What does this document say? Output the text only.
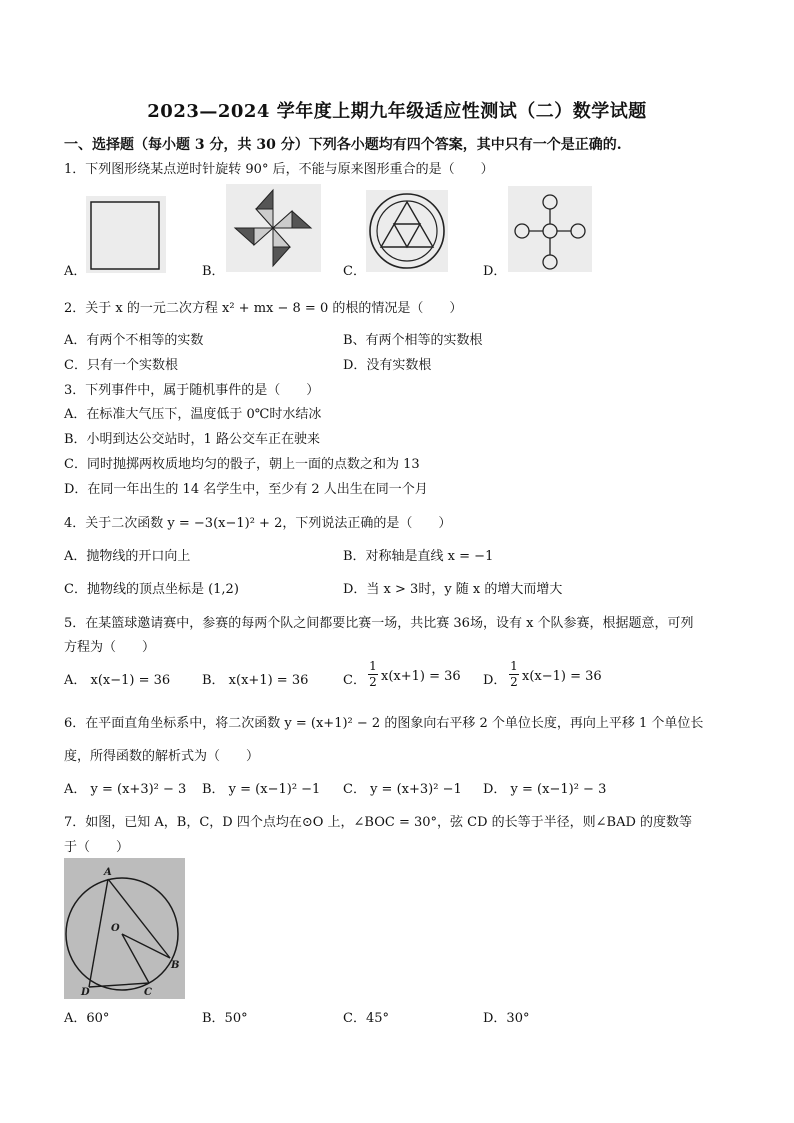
2023—2024 学年度上期九年级适应性测试（二）数学试题
一、选择题（每小题 3 分，共 30 分）下列各小题均有四个答案，其中只有一个是正确的.
1．下列图形绕某点逆时针旋转 90° 后，不能与原来图形重合的是（　　）
A．	B．	C．	D．
2．关于 x 的一元二次方程 x² + mx − 8 = 0 的根的情况是（　　）
A．有两个不相等的实数	B、有两个相等的实数根
C．只有一个实数根	D．没有实数根
3．下列事件中，属于随机事件的是（　　）
A．在标准大气压下，温度低于 0℃时水结冰
B．小明到达公交站时，1 路公交车正在驶来
C．同时抛掷两枚质地均匀的骰子，朝上一面的点数之和为 13
D．在同一年出生的 14 名学生中，至少有 2 人出生在同一个月
4．关于二次函数 y = −3(x−1)² + 2，下列说法正确的是（　　）
A．抛物线的开口向上	B．对称轴是直线 x = −1
C．抛物线的顶点坐标是 (1,2)	D．当 x > 3时，y 随 x 的增大而增大
5．在某篮球邀请赛中，参赛的每两个队之间都要比赛一场，共比赛 36场，设有 x 个队参赛，根据题意，可列
方程为（　　）
A． x(x−1) = 36 B． x(x+1) = 36	C． $\frac{1}{2} x(x+1) = 36$ D． $\frac{1}{2} x(x-1) = 36$
6．在平面直角坐标系中，将二次函数 y = (x+1)² − 2 的图象向右平移 2 个单位长度，再向上平移 1 个单位长
度，所得函数的解析式为（　　）
A． y = (x+3)² − 3 B． y = (x−1)² −1 C． y = (x+3)² −1 D． y = (x−1)² − 3
7．如图，已知 A，B，C，D 四个点均在⊙O 上，∠BOC = 30°，弦 CD 的长等于半径，则∠BAD 的度数等
于（　　）
A
O
B
C
D
A．60°	B．50°	C．45°	D．30°
